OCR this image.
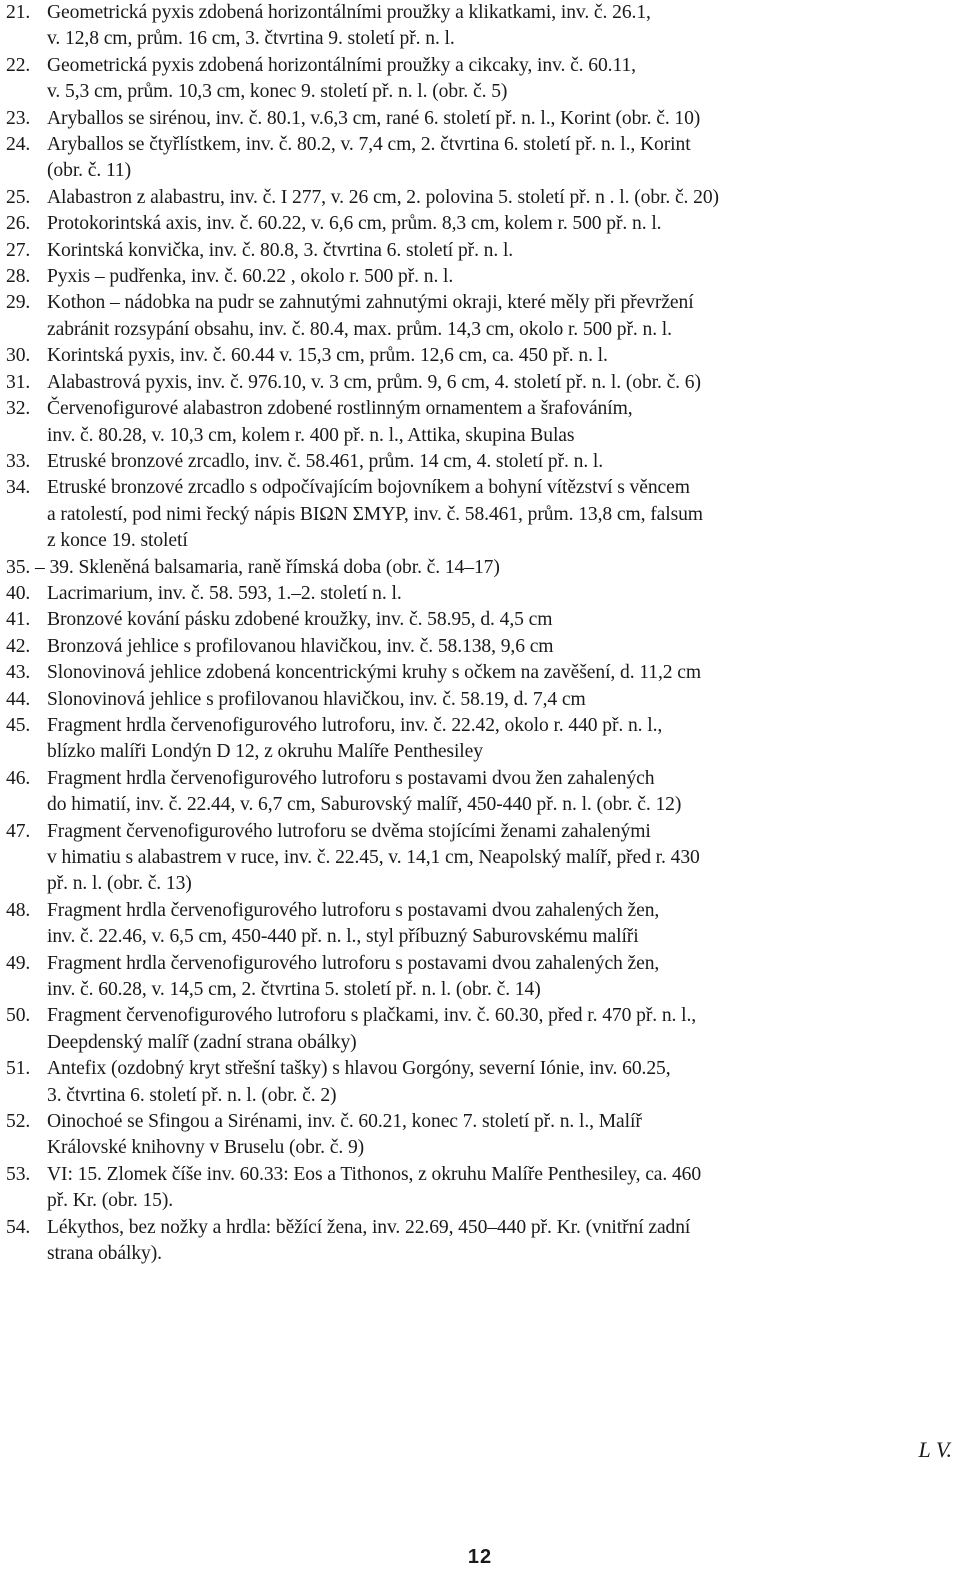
21. Geometrická pyxis zdobená horizontálními proužky a klikatkami, inv. č. 26.1,
v. 12,8 cm, prům. 16 cm, 3. čtvrtina 9. století př. n. l.
22. Geometrická pyxis zdobená horizontálními proužky a cikcaky, inv. č. 60.11,
v. 5,3 cm, prům. 10,3 cm, konec 9. století př. n. l. (obr. č. 5)
23. Aryballos se sirénou, inv. č. 80.1, v.6,3 cm, rané 6. století př. n. l., Korint (obr. č. 10)
24. Aryballos se čtyřlístkem, inv. č. 80.2, v. 7,4 cm, 2. čtvrtina 6. století př. n. l., Korint
(obr. č. 11)
25. Alabastron z alabastru, inv. č. I 277, v. 26 cm, 2. polovina 5. století př. n . l. (obr. č. 20)
26. Protokorintská axis, inv. č. 60.22, v. 6,6 cm, prům. 8,3 cm, kolem r. 500 př. n. l.
27. Korintská konvička, inv. č. 80.8, 3. čtvrtina 6. století př. n. l.
28. Pyxis – pudřenka, inv. č. 60.22 , okolo r. 500 př. n. l.
29. Kothon – nádobka na pudr se zahnutými zahnutými okraji, které měly při převržení
zabránit rozsypání obsahu, inv. č. 80.4, max. prům. 14,3 cm, okolo r. 500 př. n. l.
30. Korintská pyxis, inv. č. 60.44 v. 15,3 cm, prům. 12,6 cm, ca. 450 př. n. l.
31. Alabastrová pyxis, inv. č. 976.10, v. 3 cm, prům. 9, 6 cm, 4. století př. n. l. (obr. č. 6)
32. Červenofigurové alabastron zdobené rostlinným ornamentem a šrafováním,
inv. č. 80.28, v. 10,3 cm, kolem r. 400 př. n. l., Attika, skupina Bulas
33. Etruské bronzové zrcadlo, inv. č. 58.461, prům. 14 cm, 4. století př. n. l.
34. Etruské bronzové zrcadlo s odpočívajícím bojovníkem a bohyní vítězství s věncem
a ratolestí, pod nimi řecký nápis ΒΙΩΝ ΣΜΥΡ, inv. č. 58.461, prům. 13,8 cm, falsum
z konce 19. století
35. – 39. Skleněná balsamaria, raně římská doba (obr. č. 14–17)
40. Lacrimarium, inv. č. 58. 593, 1.–2. století n. l.
41. Bronzové kování pásku zdobené kroužky, inv. č. 58.95, d. 4,5 cm
42. Bronzová jehlice s profilovanou hlavičkou, inv. č. 58.138, 9,6 cm
43. Slonovinová jehlice zdobená koncentrickými kruhy s očkem na zavěšení, d. 11,2 cm
44. Slonovinová jehlice s profilovanou hlavičkou, inv. č. 58.19, d. 7,4 cm
45. Fragment hrdla červenofigurového lutroforu, inv. č. 22.42, okolo r. 440 př. n. l.,
blízko malíři Londýn D 12, z okruhu Malíře Penthesiley
46. Fragment hrdla červenofigurového lutroforu s postavami dvou žen zahalených
do himatií, inv. č. 22.44, v. 6,7 cm, Saburovský malíř, 450-440 př. n. l. (obr. č. 12)
47. Fragment červenofigurového lutroforu se dvěma stojícími ženami zahalenými
v himatiu s alabastrem v ruce, inv. č. 22.45, v. 14,1 cm, Neapolský malíř, před r. 430
př. n. l. (obr. č. 13)
48. Fragment hrdla červenofigurového lutroforu s postavami dvou zahalených žen,
inv. č. 22.46, v. 6,5 cm, 450-440 př. n. l., styl příbuzný Saburovskému malíři
49. Fragment hrdla červenofigurového lutroforu s postavami dvou zahalených žen,
inv. č. 60.28, v. 14,5 cm, 2. čtvrtina 5. století př. n. l. (obr. č. 14)
50. Fragment červenofigurového lutroforu s plačkami, inv. č. 60.30, před r. 470 př. n. l.,
Deepdenský malíř (zadní strana obálky)
51. Antefix (ozdobný kryt střešní tašky) s hlavou Gorgóny, severní Iónie, inv. 60.25,
3. čtvrtina 6. století př. n. l. (obr. č. 2)
52. Oinochoé se Sfingou a Sirénami, inv. č. 60.21, konec 7. století př. n. l., Malíř
Královské knihovny v Bruselu (obr. č. 9)
53. VI: 15. Zlomek číše inv. 60.33: Eos a Tithonos, z okruhu Malíře Penthesiley, ca. 460
př. Kr. (obr. 15).
54. Lékythos, bez nožky a hrdla: běžící žena, inv. 22.69, 450–440 př. Kr. (vnitřní zadní
strana obálky).
L V.
12
